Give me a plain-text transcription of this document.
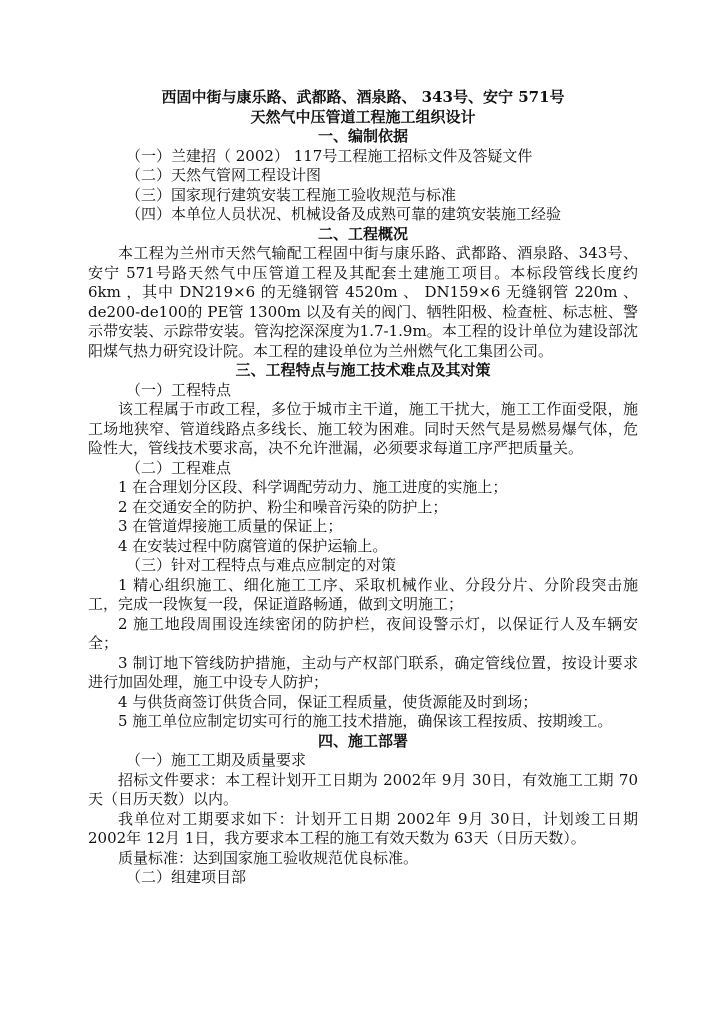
西固中街与康乐路、武都路、酒泉路、 343号、安宁 571号

天然气中压管道工程施工组织设计

一、编制依据

（一）兰建招（ 2002） 117号工程施工招标文件及答疑文件

（二）天然气管网工程设计图

（三）国家现行建筑安装工程施工验收规范与标准

（四）本单位人员状况、机械设备及成熟可靠的建筑安装施工经验

二、工程概况

本工程为兰州市天然气输配工程固中街与康乐路、武都路、酒泉路、343号、安宁 571号路天然气中压管道工程及其配套土建施工项目。本标段管线长度约 6km ，其中 DN219×6 的无缝钢管 4520m 、 DN159×6 无缝钢管 220m 、 de200-de100的 PE管 1300m 以及有关的阀门、牺牲阳极、检查桩、标志桩、警示带安装、示踪带安装。管沟挖深深度为1.7-1.9m。本工程的设计单位为建设部沈阳煤气热力研究设计院。本工程的建设单位为兰州燃气化工集团公司。

三、工程特点与施工技术难点及其对策

（一）工程特点

该工程属于市政工程，多位于城市主干道，施工干扰大，施工工作面受限，施工场地狭窄、管道线路点多线长、施工较为困难。同时天然气是易燃易爆气体，危险性大，管线技术要求高，决不允许泄漏，必须要求每道工序严把质量关。

（二）工程难点

1 在合理划分区段、科学调配劳动力、施工进度的实施上；

2 在交通安全的防护、粉尘和噪音污染的防护上；

3 在管道焊接施工质量的保证上；

4 在安装过程中防腐管道的保护运输上。

（三）针对工程特点与难点应制定的对策

1 精心组织施工、细化施工工序、采取机械作业、分段分片、分阶段突击施工，完成一段恢复一段，保证道路畅通，做到文明施工；

2 施工地段周围设连续密闭的防护栏，夜间设警示灯，以保证行人及车辆安全；

3 制订地下管线防护措施，主动与产权部门联系，确定管线位置，按设计要求进行加固处理，施工中设专人防护；

4 与供货商签订供货合同，保证工程质量，使货源能及时到场；

5 施工单位应制定切实可行的施工技术措施，确保该工程按质、按期竣工。

四、施工部署

（一）施工工期及质量要求

招标文件要求：本工程计划开工日期为 2002年 9月 30日，有效施工工期 70 天（日历天数）以内。

我单位对工期要求如下：计划开工日期 2002年 9月 30日，计划竣工日期2002年 12月 1日，我方要求本工程的施工有效天数为 63天（日历天数）。

质量标准：达到国家施工验收规范优良标准。

（二）组建项目部
